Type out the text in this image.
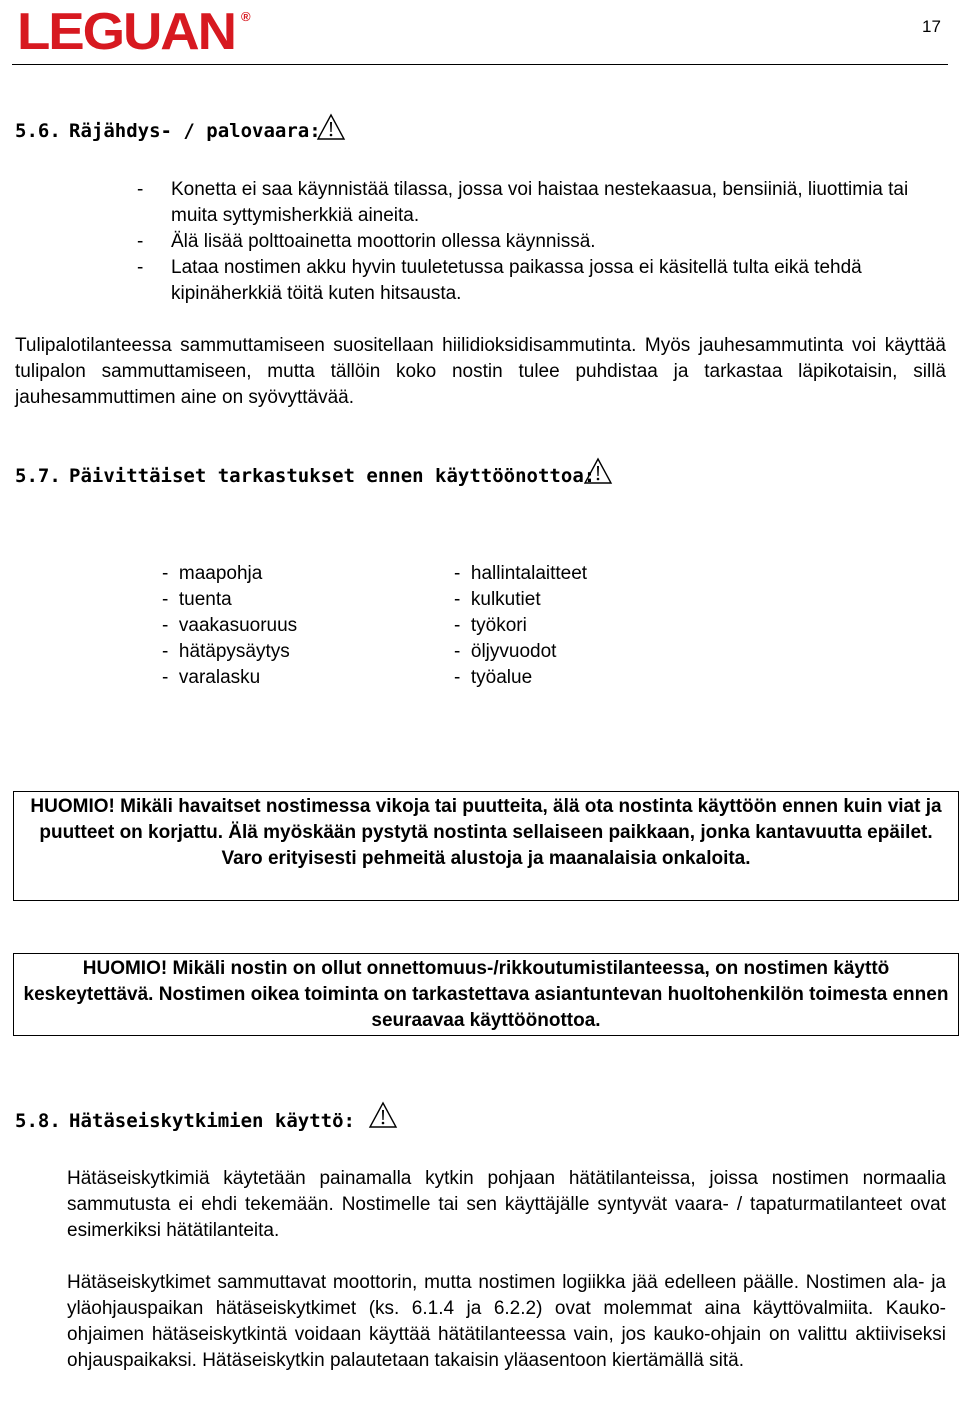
LEGUAN ®
17
5.6. Räjähdys- / palovaara:
- Konetta ei saa käynnistää tilassa, jossa voi haistaa nestekaasua, bensiiniä, liuottimia tai muita syttymisherkkiä aineita.
- Älä lisää polttoainetta moottorin ollessa käynnissä.
- Lataa nostimen akku hyvin tuuletetussa paikassa jossa ei käsitellä tulta eikä tehdä kipinäherkkiä töitä kuten hitsausta.
Tulipalotilanteessa sammuttamiseen suositellaan hiilidioksidisammutinta. Myös jauhesammutinta voi käyttää tulipalon sammuttamiseen, mutta tällöin koko nostin tulee puhdistaa ja tarkastaa läpikotaisin, sillä jauhesammuttimen aine on syövyttävää.
5.7. Päivittäiset tarkastukset ennen käyttöönottoa:
-  maapohja
-  tuenta
-  vaakasuoruus
-  hätäpysäytys
-  varalasku
-  hallintalaitteet
-  kulkutiet
-  työkori
-  öljyvuodot
-  työalue
HUOMIO! Mikäli havaitset nostimessa vikoja tai puutteita, älä ota nostinta käyttöön ennen kuin viat ja puutteet on korjattu. Älä myöskään pystytä nostinta sellaiseen paikkaan, jonka kantavuutta epäilet. Varo erityisesti pehmeitä alustoja ja maanalaisia onkaloita.
HUOMIO! Mikäli nostin on ollut onnettomuus-/rikkoutumistilanteessa, on nostimen käyttö keskeytettävä. Nostimen oikea toiminta on tarkastettava asiantuntevan huoltohenkilön toimesta ennen seuraavaa käyttöönottoa.
5.8. Hätäseiskytkimien käyttö:
Hätäseiskytkimiä käytetään painamalla kytkin pohjaan hätätilanteissa, joissa nostimen normaalia sammutusta ei ehdi tekemään. Nostimelle tai sen käyttäjälle syntyvät vaara- / tapaturmatilanteet ovat esimerkiksi hätätilanteita.
Hätäseiskytkimet sammuttavat moottorin, mutta nostimen logiikka jää edelleen päälle. Nostimen ala- ja yläohjauspaikan hätäseiskytkimet (ks. 6.1.4 ja 6.2.2) ovat molemmat aina käyttövalmiita. Kauko-ohjaimen hätäseiskytkintä voidaan käyttää hätätilanteessa vain, jos kauko-ohjain on valittu aktiiviseksi ohjauspaikaksi. Hätäseiskytkin palautetaan takaisin yläasentoon kiertämällä sitä.
